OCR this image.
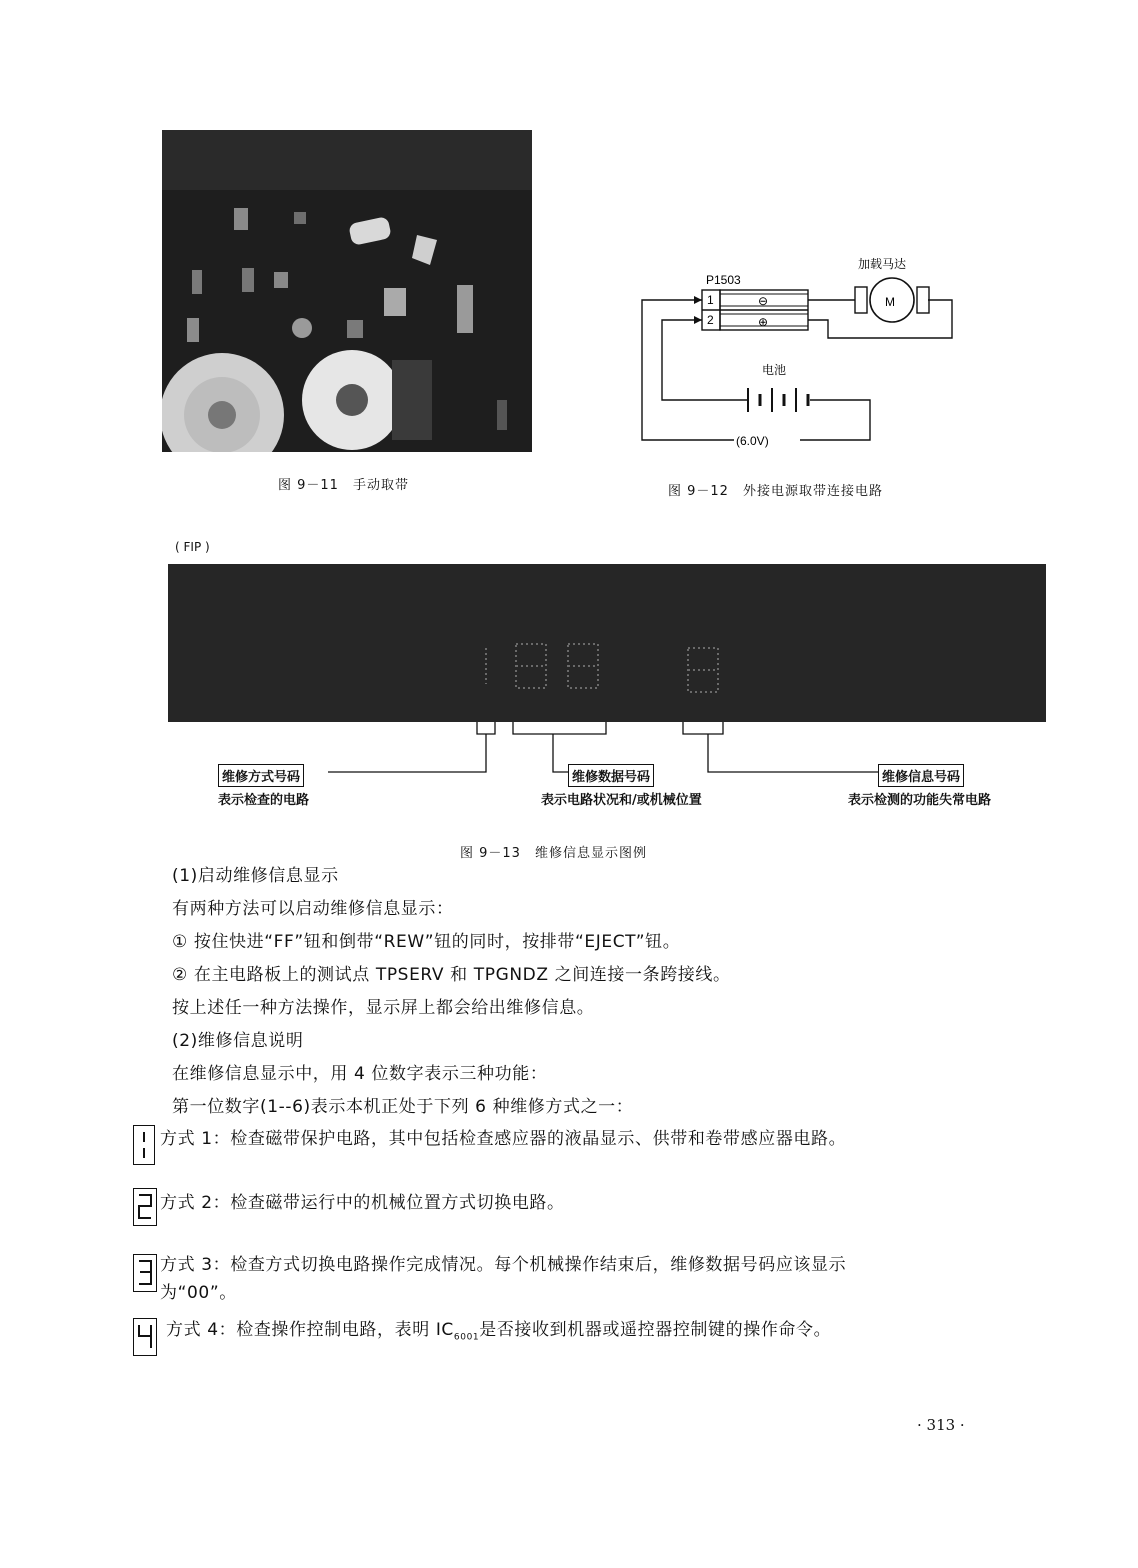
图 9－11　手动取带
P1503
1
2
⊖
⊕
加载马达
M
电池
(6.0V)
图 9－12　外接电源取带连接电路
( FIP )
维修方式号码
表示检查的电路
维修数据号码
表示电路状况和/或机械位置
维修信息号码
表示检测的功能失常电路
图 9－13　维修信息显示图例
(1)启动维修信息显示
有两种方法可以启动维修信息显示：
① 按住快进“FF”钮和倒带“REW”钮的同时，按排带“EJECT”钮。
② 在主电路板上的测试点 TPSERV 和 TPGNDZ 之间连接一条跨接线。
按上述任一种方法操作，显示屏上都会给出维修信息。
(2)维修信息说明
在维修信息显示中，用 4 位数字表示三种功能：
第一位数字(1--6)表示本机正处于下列 6 种维修方式之一：
方式 1：检查磁带保护电路，其中包括检查感应器的液晶显示、供带和卷带感应器电路。
方式 2：检查磁带运行中的机械位置方式切换电路。
方式 3：检查方式切换电路操作完成情况。每个机械操作结束后，维修数据号码应该显示
为“00”。
方式 4：检查操作控制电路，表明 $IC_{6001}$是否接收到机器或遥控器控制键的操作命令。
· 313 ·
